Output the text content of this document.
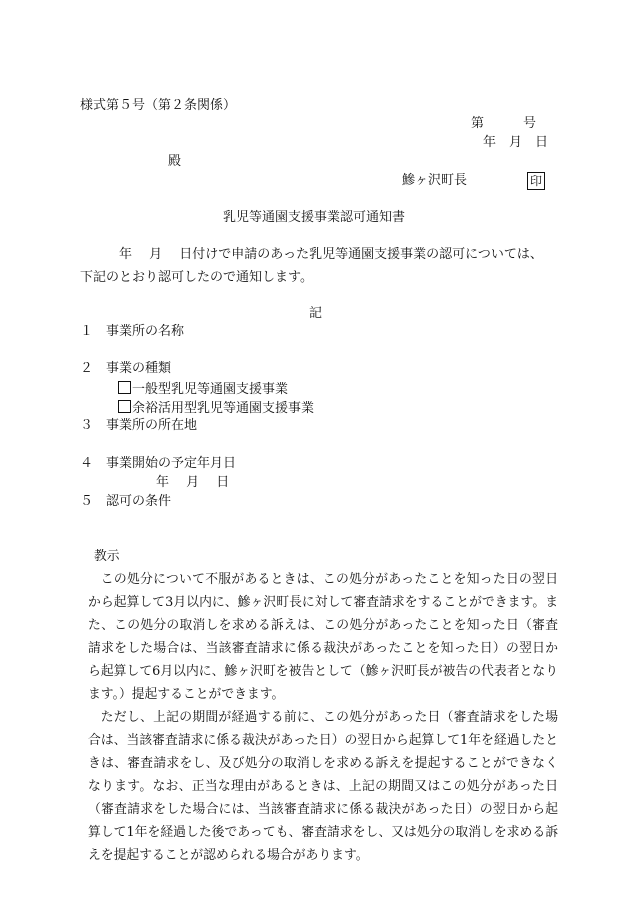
様式第５号（第２条関係）
第　　　号
年　月　日
殿
鰺ヶ沢町長	印
乳児等通園支援事業認可通知書
　　　年　 月　 日付けで申請のあった乳児等通園支援事業の認可については、下記のとおり認可したので通知します。
記
１　事業所の名称
２　事業の種類
一般型乳児等通園支援事業
余裕活用型乳児等通園支援事業
３　事業所の所在地
４　事業開始の予定年月日
年　 月　 日
５　認可の条件

教示

この処分について不服があるときは、この処分があったことを知った日の翌日から起算して3月以内に、鰺ヶ沢町長に対して審査請求をすることができます。また、この処分の取消しを求める訴えは、この処分があったことを知った日（審査請求をした場合は、当該審査請求に係る裁決があったことを知った日）の翌日から起算して6月以内に、鰺ヶ沢町を被告として（鰺ヶ沢町長が被告の代表者となります。）提起することができます。

ただし、上記の期間が経過する前に、この処分があった日（審査請求をした場合は、当該審査請求に係る裁決があった日）の翌日から起算して1年を経過したときは、審査請求をし、及び処分の取消しを求める訴えを提起することができなくなります。なお、正当な理由があるときは、上記の期間又はこの処分があった日（審査請求をした場合には、当該審査請求に係る裁決があった日）の翌日から起算して1年を経過した後であっても、審査請求をし、又は処分の取消しを求める訴えを提起することが認められる場合があります。
